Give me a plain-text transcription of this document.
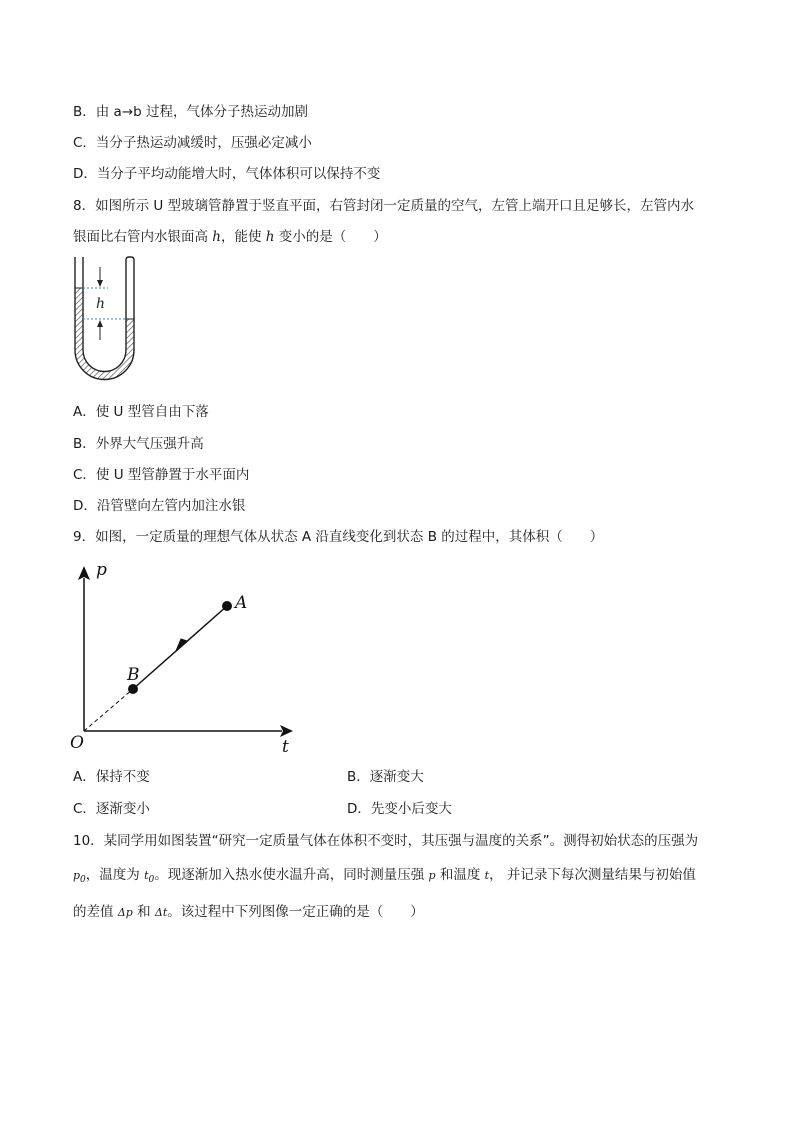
B．由 a→b 过程，气体分子热运动加剧
C．当分子热运动减缓时，压强必定减小
D．当分子平均动能增大时，气体体积可以保持不变
8．如图所示 U 型玻璃管静置于竖直平面，右管封闭一定质量的空气，左管上端开口且足够长，左管内水
银面比右管内水银面高 h，能使 h 变小的是（　　）
h
A．使 U 型管自由下落
B．外界大气压强升高
C．使 U 型管静置于水平面内
D．沿管壁向左管内加注水银
9．如图，一定质量的理想气体从状态 A 沿直线变化到状态 B 的过程中，其体积（　　）
p
t
O
A
B
A．保持不变	B．逐渐变大
C．逐渐变小	D．先变小后变大
10．某同学用如图装置“研究一定质量气体在体积不变时，其压强与温度的关系”。测得初始状态的压强为
$p_0$，温度为 $t_0$。现逐渐加入热水使水温升高，同时测量压强 p 和温度 t， 并记录下每次测量结果与初始值
的差值 Δp 和 Δt。该过程中下列图像一定正确的是（　　）
